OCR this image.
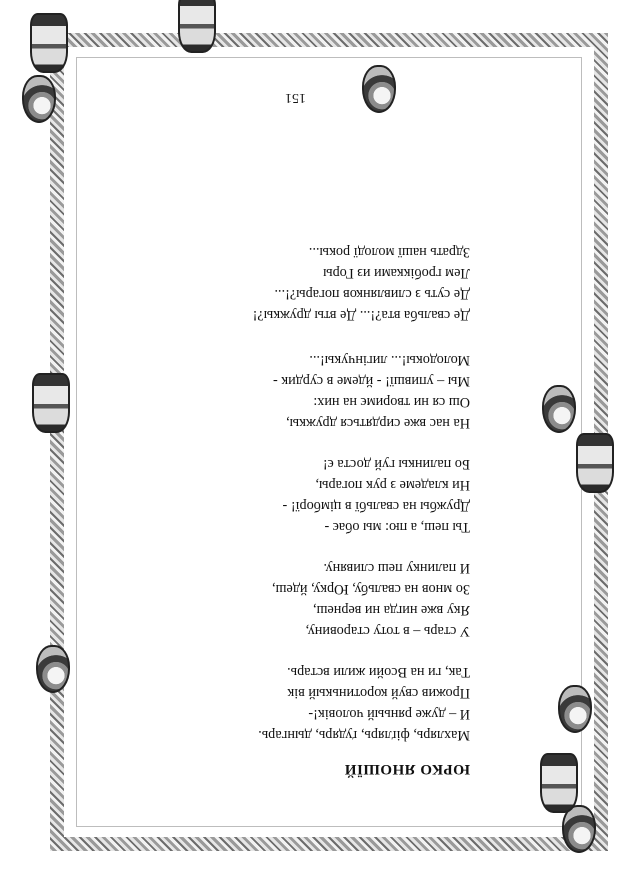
ЮРКО ЯНОШЇЙ
Махлярь, фіґлярь, ґудярь, дынгарь.
И – дуже ряньый чоловік!-
Прожив свуй коротинькый вік
Так, ги на Всойи жили встарь.
У старь – в тоту старовину,
Яку вже нигда ни вернеш,
Зо мнов на свальбу, Юрку, йдеш,
И палинку пеш сливяну.
Ты пеш, а пю: мы обає -
Дружбы на свальбї в цімборї! -
Ни кладеме з рук погары,
Бо палинкы гуй доста є!
На нас вже сирдяться дружкы,
Ош ся ни творимє на них:
Мы – упившї! - йдеме в сурдик -
Молодокы!... лигінчукы!...
Де свальба вта?!... Де вты дружкы?!
Де суть з сливлянков погары?!...
Лем гробікками из Горы
Здрать нашї молодї рокы...
151
